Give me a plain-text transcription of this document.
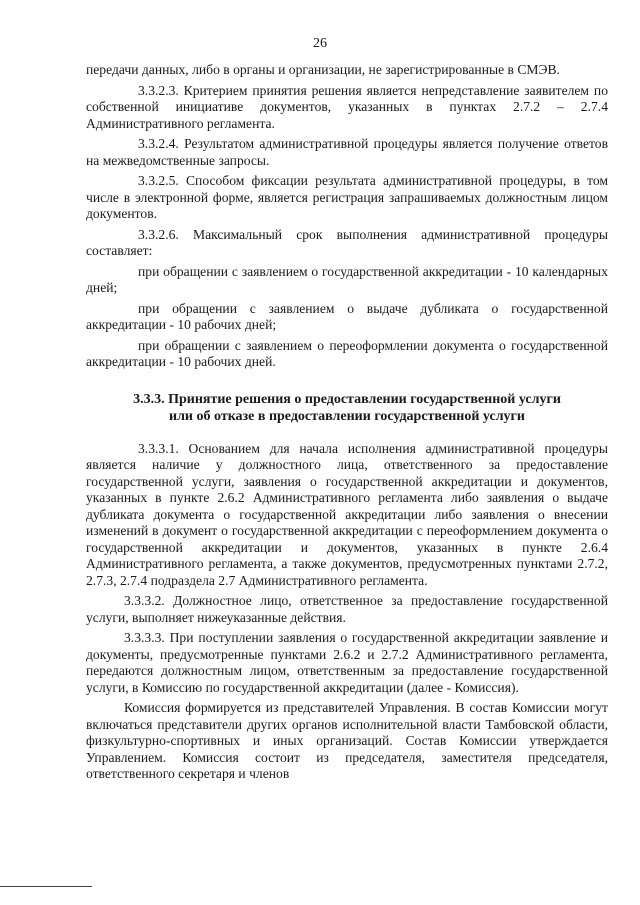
26

передачи данных, либо в органы и организации, не зарегистрированные в СМЭВ.

3.3.2.3. Критерием принятия решения является непредставление заявителем по собственной инициативе документов, указанных в пунктах 2.7.2 – 2.7.4 Административного регламента.

3.3.2.4. Результатом административной процедуры является получение ответов на межведомственные запросы.

3.3.2.5. Способом фиксации результата административной процедуры, в том числе в электронной форме, является регистрация запрашиваемых должностным лицом документов.

3.3.2.6. Максимальный срок выполнения административной процедуры составляет:

при обращении с заявлением о государственной аккредитации - 10 календарных дней;

при обращении с заявлением о выдаче дубликата о государственной аккредитации - 10 рабочих дней;

при обращении с заявлением о переоформлении документа о государственной аккредитации - 10 рабочих дней.

3.3.3. Принятие решения о предоставлении государственной услуги
или об отказе в предоставлении государственной услуги

3.3.3.1. Основанием для начала исполнения административной процедуры является наличие у должностного лица, ответственного за предоставление государственной услуги, заявления о государственной аккредитации и документов, указанных в пункте 2.6.2 Административного регламента либо заявления о выдаче дубликата документа о государственной аккредитации либо заявления о внесении изменений в документ о государственной аккредитации с переоформлением документа о государственной аккредитации и документов, указанных в пункте 2.6.4 Административного регламента, а также документов, предусмотренных пунктами 2.7.2, 2.7.3, 2.7.4 подраздела 2.7 Административного регламента.

3.3.3.2. Должностное лицо, ответственное за предоставление государственной услуги, выполняет нижеуказанные действия.

3.3.3.3. При поступлении заявления о государственной аккредитации заявление и документы, предусмотренные пунктами 2.6.2 и 2.7.2 Административного регламента, передаются должностным лицом, ответственным за предоставление государственной услуги, в Комиссию по государственной аккредитации (далее - Комиссия).

Комиссия формируется из представителей Управления. В состав Комиссии могут включаться представители других органов исполнительной власти Тамбовской области, физкультурно-спортивных и иных организаций. Состав Комиссии утверждается Управлением. Комиссия состоит из председателя, заместителя председателя, ответственного секретаря и членов
